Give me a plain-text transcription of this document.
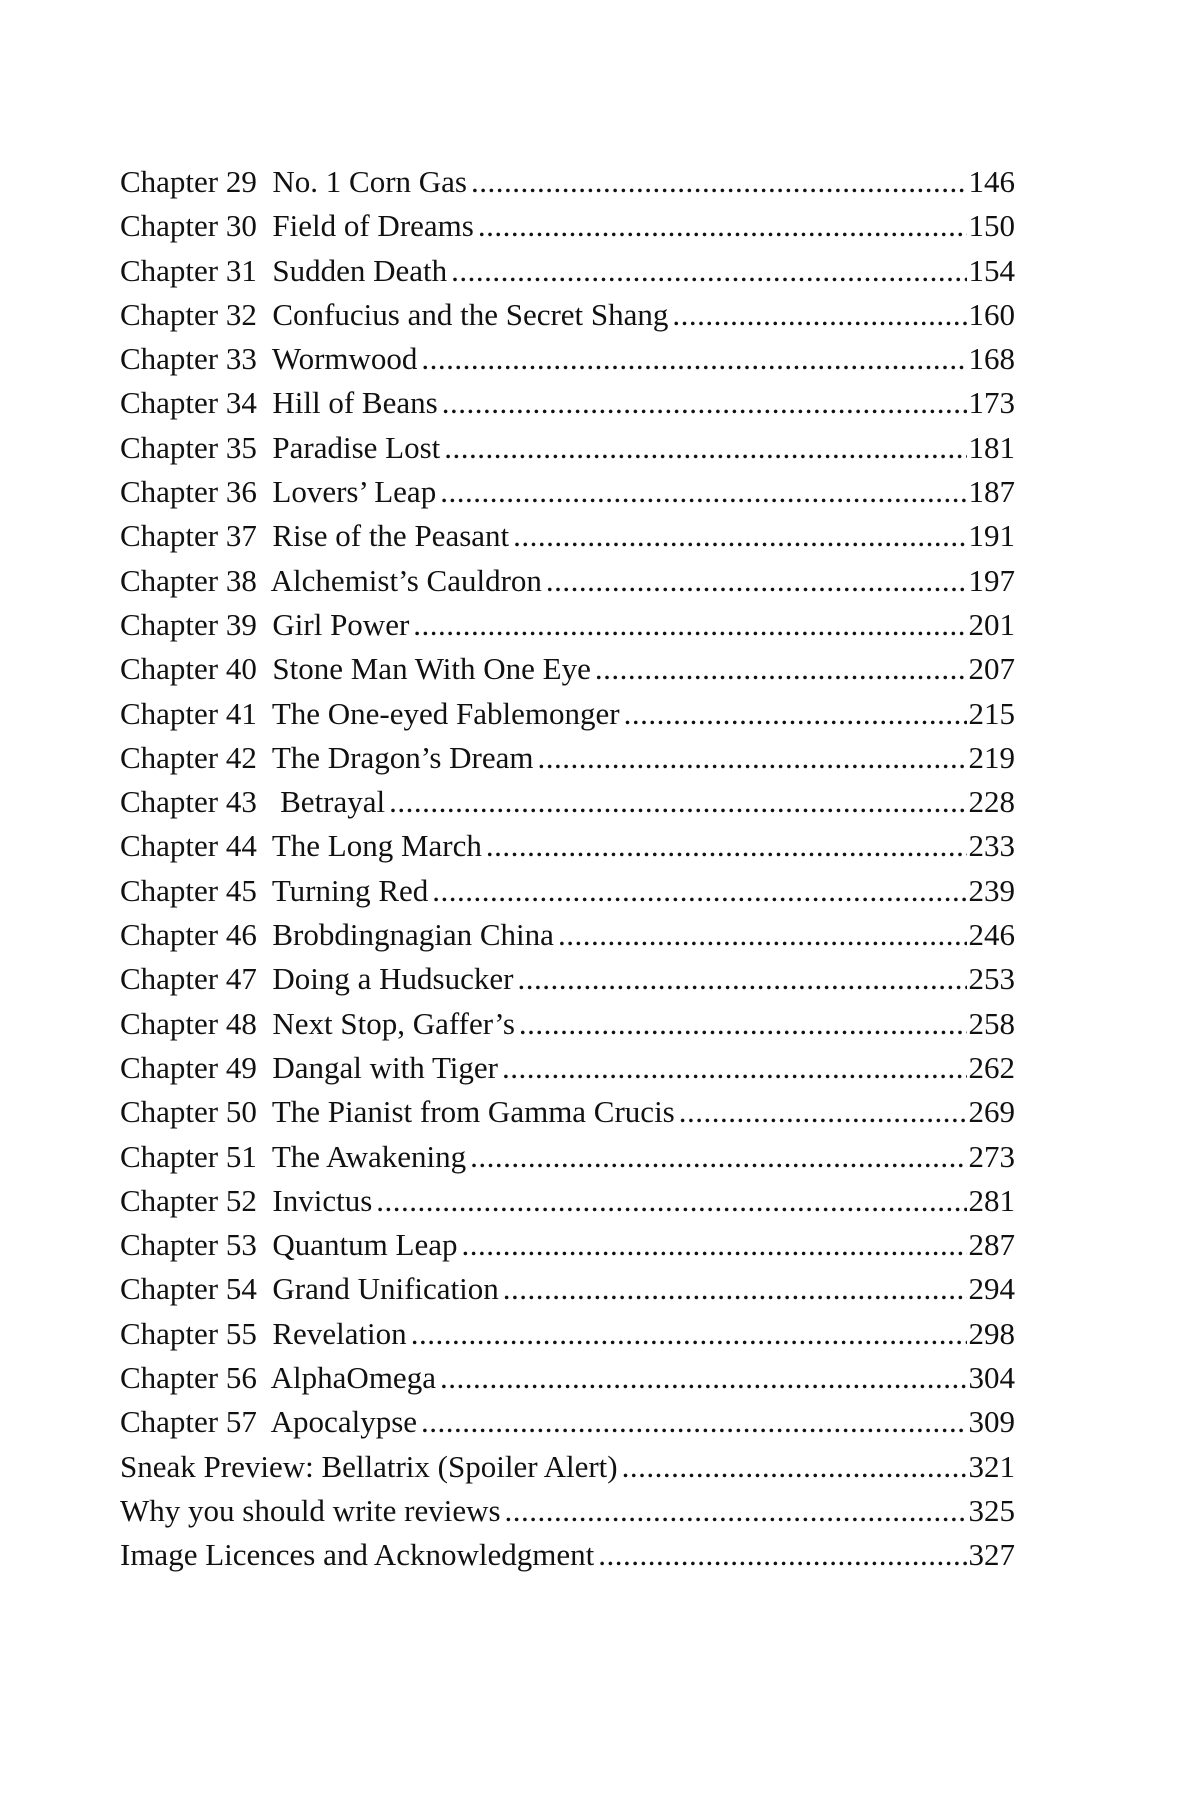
Chapter 29  No. 1 Corn Gas .....	146
Chapter 30  Field of Dreams .....	150
Chapter 31  Sudden Death .....	154
Chapter 32  Confucius and the Secret Shang .....	160
Chapter 33  Wormwood .....	168
Chapter 34  Hill of Beans .....	173
Chapter 35  Paradise Lost .....	181
Chapter 36  Lovers’ Leap .....	187
Chapter 37  Rise of the Peasant .....	191
Chapter 38  Alchemist’s Cauldron .....	197
Chapter 39  Girl Power .....	201
Chapter 40  Stone Man With One Eye .....	207
Chapter 41  The One-eyed Fablemonger .....	215
Chapter 42  The Dragon’s Dream .....	219
Chapter 43   Betrayal .....	228
Chapter 44  The Long March .....	233
Chapter 45  Turning Red .....	239
Chapter 46  Brobdingnagian China .....	246
Chapter 47  Doing a Hudsucker .....	253
Chapter 48  Next Stop, Gaffer’s .....	258
Chapter 49  Dangal with Tiger .....	262
Chapter 50  The Pianist from Gamma Crucis .....	269
Chapter 51  The Awakening .....	273
Chapter 52  Invictus .....	281
Chapter 53  Quantum Leap .....	287
Chapter 54  Grand Unification .....	294
Chapter 55  Revelation .....	298
Chapter 56  AlphaOmega .....	304
Chapter 57  Apocalypse .....	309
Sneak Preview: Bellatrix (Spoiler Alert) .....	321
Why you should write reviews .....	325
Image Licences and Acknowledgment .....	327
